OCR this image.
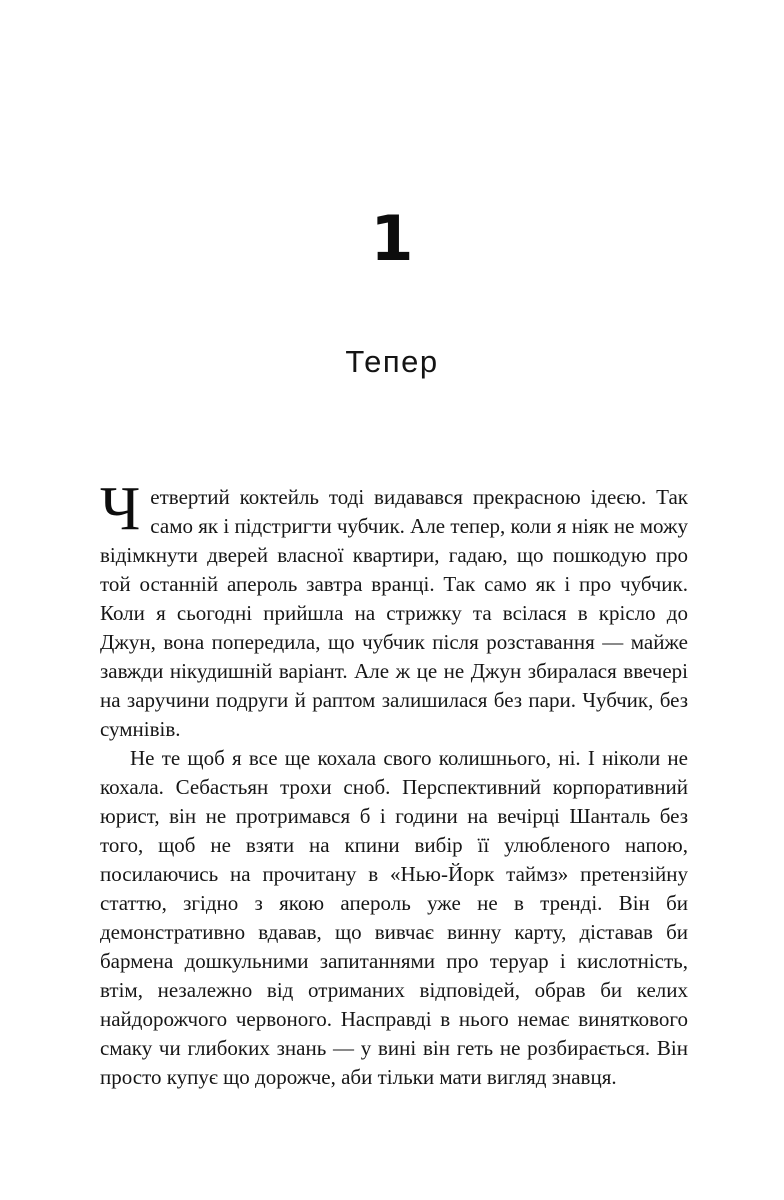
1
Тепер

Четвертий коктейль тоді видавався прекрасною ідеєю. Так само як і підстригти чубчик. Але тепер, коли я ніяк не можу відімкнути дверей власної квартири, гадаю, що пошкодую про той останній апероль завтра вранці. Так само як і про чубчик. Коли я сьогодні прийшла на стрижку та всілася в крісло до Джун, вона попередила, що чубчик після розставання — майже завжди нікудишній варіант. Але ж це не Джун збиралася ввечері на заручини подруги й раптом залишилася без пари. Чубчик, без сумнівів.

Не те щоб я все ще кохала свого колишнього, ні. І ніколи не кохала. Себастьян трохи сноб. Перспективний корпоративний юрист, він не протримався б і години на вечірці Шанталь без того, щоб не взяти на кпини вибір її улюбленого напою, посилаючись на прочитану в «Нью-Йорк таймз» претензійну статтю, згідно з якою апероль уже не в тренді. Він би демонстративно вдавав, що вивчає винну карту, діставав би бармена дошкульними запитаннями про теруар і кислотність, втім, незалежно від отриманих відповідей, обрав би келих найдорожчого червоного. Насправді в нього немає виняткового смаку чи глибоких знань — у вині він геть не розбирається. Він просто купує що дорожче, аби тільки мати вигляд знавця.
